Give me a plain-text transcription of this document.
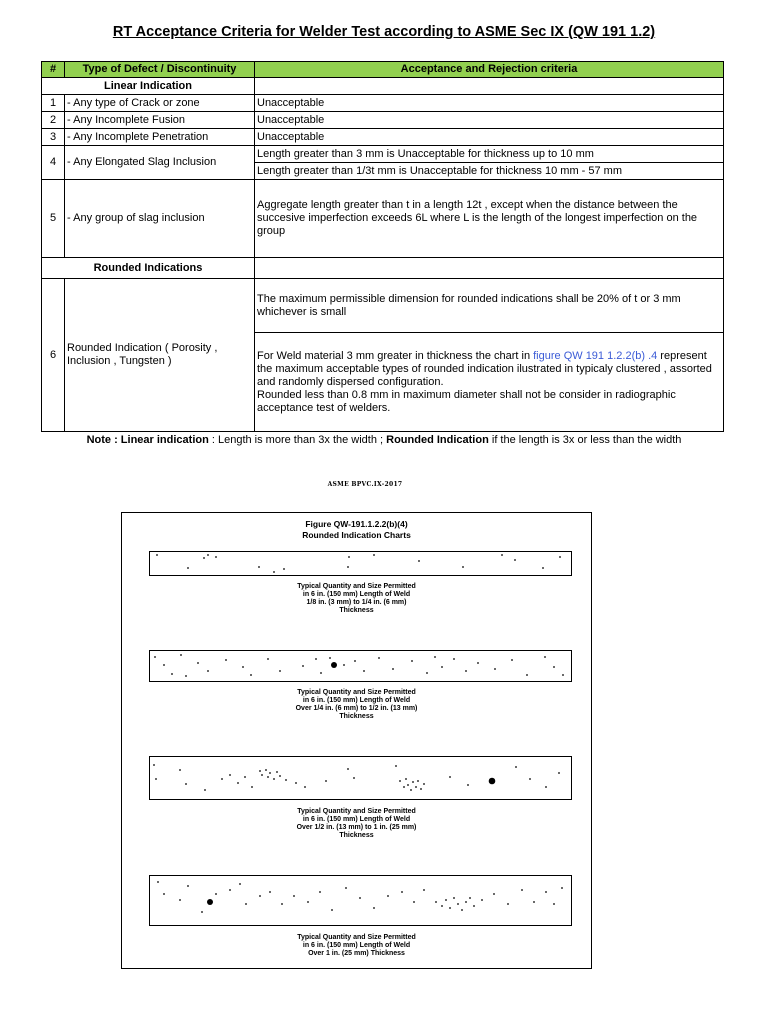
RT Acceptance Criteria for Welder Test according to ASME Sec IX (QW 191 1.2)
#	Type of Defect / Discontinuity	Acceptance and Rejection criteria
Linear Indication		
1	- Any type of Crack or zone	Unacceptable
2	- Any Incomplete Fusion	Unacceptable
3	- Any Incomplete Penetration	Unacceptable
4	- Any Elongated Slag Inclusion	Length greater than 3 mm is Unacceptable for thickness up to 10 mm
		Length greater than 1/3t mm is Unacceptable for thickness 10 mm - 57 mm
5	- Any group of slag inclusion	Aggregate length greater than t in a length 12t , except when the distance between the succesive imperfection exceeds 6L where L is the length of the longest imperfection on the group
Rounded Indications		
6	Rounded Indication ( Porosity , Inclusion , Tungsten )	The maximum permissible dimension for rounded indications shall be 20% of t or 3 mm whichever is small
		For Weld material 3 mm greater in thickness the chart in figure QW 191 1.2.2(b) .4 represent the maximum acceptable types of rounded indication ilustrated in typicaly clustered , assorted and randomly dispersed configuration.
Rounded less than 0.8 mm in maximum diameter shall not be consider in radiographic acceptance test of welders.
Note : Linear indication : Length is more than 3x the width ; Rounded Indication if the length is 3x or less than the width
ASME BPVC.IX-2017
Figure QW-191.1.2.2(b)(4)
Rounded Indication Charts
Typical Quantity and Size Permitted
in 6 in. (150 mm) Length of Weld
1/8 in. (3 mm) to 1/4 in. (6 mm)
Thickness
Typical Quantity and Size Permitted
in 6 in. (150 mm) Length of Weld
Over 1/4 in. (6 mm) to 1/2 in. (13 mm)
Thickness
Typical Quantity and Size Permitted
in 6 in. (150 mm) Length of Weld
Over 1/2 in. (13 mm) to 1 in. (25 mm)
Thickness
Typical Quantity and Size Permitted
in 6 in. (150 mm) Length of Weld
Over 1 in. (25 mm) Thickness
